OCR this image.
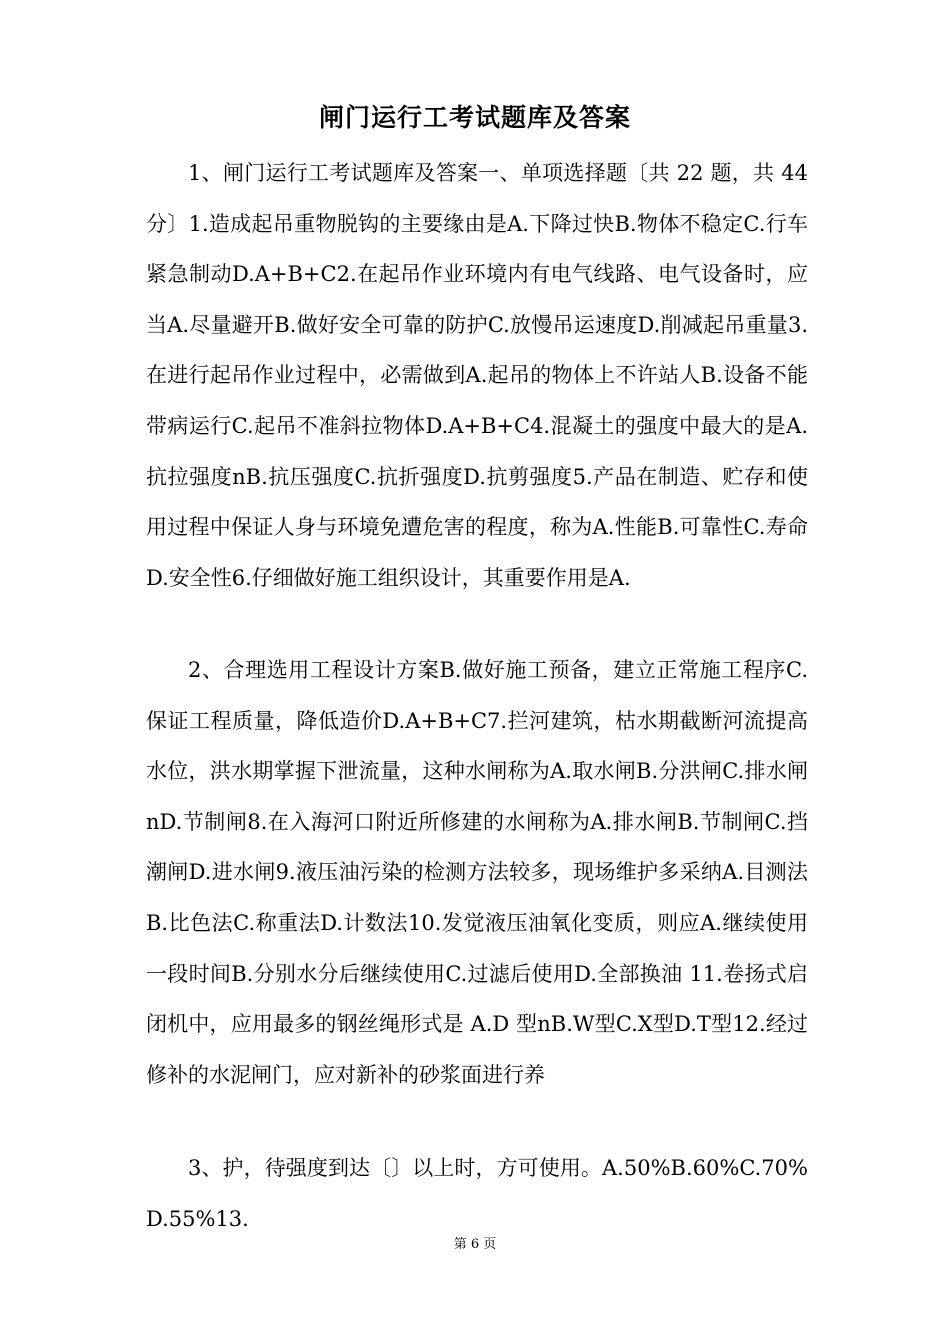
闸门运行工考试题库及答案

1、闸门运行工考试题库及答案一、单项选择题〔共 22 题，共 44 分〕1.造成起吊重物脱钩的主要缘由是A.下降过快B.物体不稳定C.行车紧急制动D.A+B+C2.在起吊作业环境内有电气线路、电气设备时，应当A.尽量避开B.做好安全可靠的防护C.放慢吊运速度D.削减起吊重量3.在进行起吊作业过程中，必需做到A.起吊的物体上不许站人B.设备不能带病运行C.起吊不准斜拉物体D.A+B+C4.混凝土的强度中最大的是A.抗拉强度nB.抗压强度C.抗折强度D.抗剪强度5.产品在制造、贮存和使用过程中保证人身与环境免遭危害的程度，称为A.性能B.可靠性C.寿命D.安全性6.仔细做好施工组织设计，其重要作用是A.

2、合理选用工程设计方案B.做好施工预备，建立正常施工程序C.保证工程质量，降低造价D.A+B+C7.拦河建筑，枯水期截断河流提高水位，洪水期掌握下泄流量，这种水闸称为A.取水闸B.分洪闸C.排水闸nD.节制闸8.在入海河口附近所修建的水闸称为A.排水闸B.节制闸C.挡潮闸D.进水闸9.液压油污染的检测方法较多，现场维护多采纳A.目测法B.比色法C.称重法D.计数法10.发觉液压油氧化变质，则应A.继续使用一段时间B.分别水分后继续使用C.过滤后使用D.全部换油 11.卷扬式启闭机中，应用最多的钢丝绳形式是 A.D 型nB.W型C.X型D.T型12.经过修补的水泥闸门，应对新补的砂浆面进行养

3、护，待强度到达〔〕以上时，方可使用。A.50%B.60%C.70%D.55%13.

第 6 页
